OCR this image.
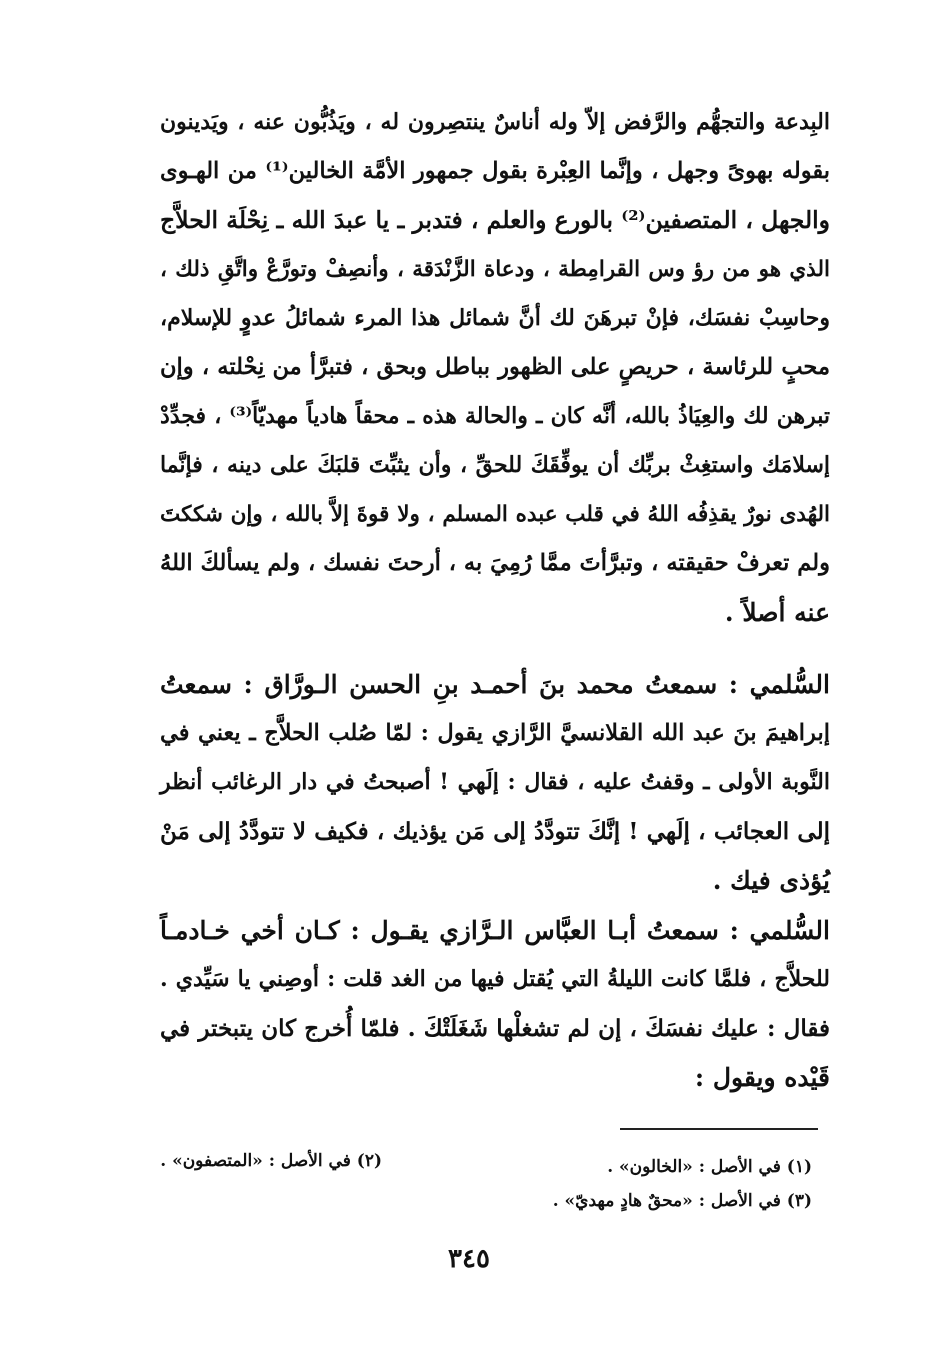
البِدعة والتجهُّم والرَّفض إلاّ وله أناسٌ ينتصِرون له ، ويَذُبُّون عنه ، ويَدينون
بقوله بهوىً وجهل ، وإنَّما العِبْرة بقول جمهور الأمَّة الخالين⁽¹⁾ من الهـوى
والجهل ، المتصفين⁽²⁾ بالورع والعلم ، فتدبر ـ يا عبدَ الله ـ نِحْلَة الحلاَّج
الذي هو من رؤ وس القرامِطة ، ودعاة الزَّنْدَقة ، وأنصِفْ وتورَّعْ واتَّقِ ذلك ،
وحاسِبْ نفسَك، فإنْ تبرهَنَ لك أنَّ شمائل هذا المرء شمائلُ عدوٍ للإسلام،
محبٍ للرئاسة ، حريصٍ على الظهور بباطل وبحق ، فتبرَّأ من نِحْلته ، وإن
تبرهن لك والعِيَاذُ بالله، أنَّه كان ـ والحالة هذه ـ محقاً هادياً مهديّاً⁽³⁾ ، فجدِّدْ
إسلامَك واستغِثْ بربِّك أن يوفِّقَكَ للحقِّ ، وأن يثبِّتَ قلبَكَ على دينه ، فإنَّما
الهُدى نورٌ يقذِفُه اللهُ في قلب عبده المسلم ، ولا قوةَ إلاَّ بالله ، وإن شككتَ
ولم تعرفْ حقيقته ، وتبرَّأتَ ممَّا رُمِيَ به ، أرحتَ نفسك ، ولم يسألكَ اللهُ
عنه أصلاً .
السُّلمي : سمعتُ محمد بنَ أحمـد بنِ الحسن الـورَّاق : سمعتُ
إبراهيمَ بنَ عبد الله القلانسيَّ الرَّازي يقول : لمّا صُلب الحلاَّج ـ يعني في
النَّوبة الأولى ـ وقفتُ عليه ، فقال : إلَهي ! أصبحتُ في دار الرغائب أنظر
إلى العجائب ، إلَهي ! إنَّكَ تتودَّدُ إلى مَن يؤذيك ، فكيف لا تتودَّدُ إلى مَنْ
يُؤذى فيك .
السُّلمي : سمعتُ أبـا العبَّاس الـرَّازي يقـول : كـان أخي خـادمـاً
للحلاَّج ، فلمَّا كانت الليلةُ التي يُقتل فيها من الغد قلت : أوصِني يا سَيِّدي .
فقال : عليك نفسَكَ ، إن لم تشغلْها شَغَلَتْكَ . فلمّا أُخرج كان يتبختر في
قَيْده ويقول :
(١) في الأصل : «الخالون» .
(٢) في الأصل : «المتصفون» .
(٣) في الأصل : «محقٌ هادٍ مهديّ» .
٣٤٥
